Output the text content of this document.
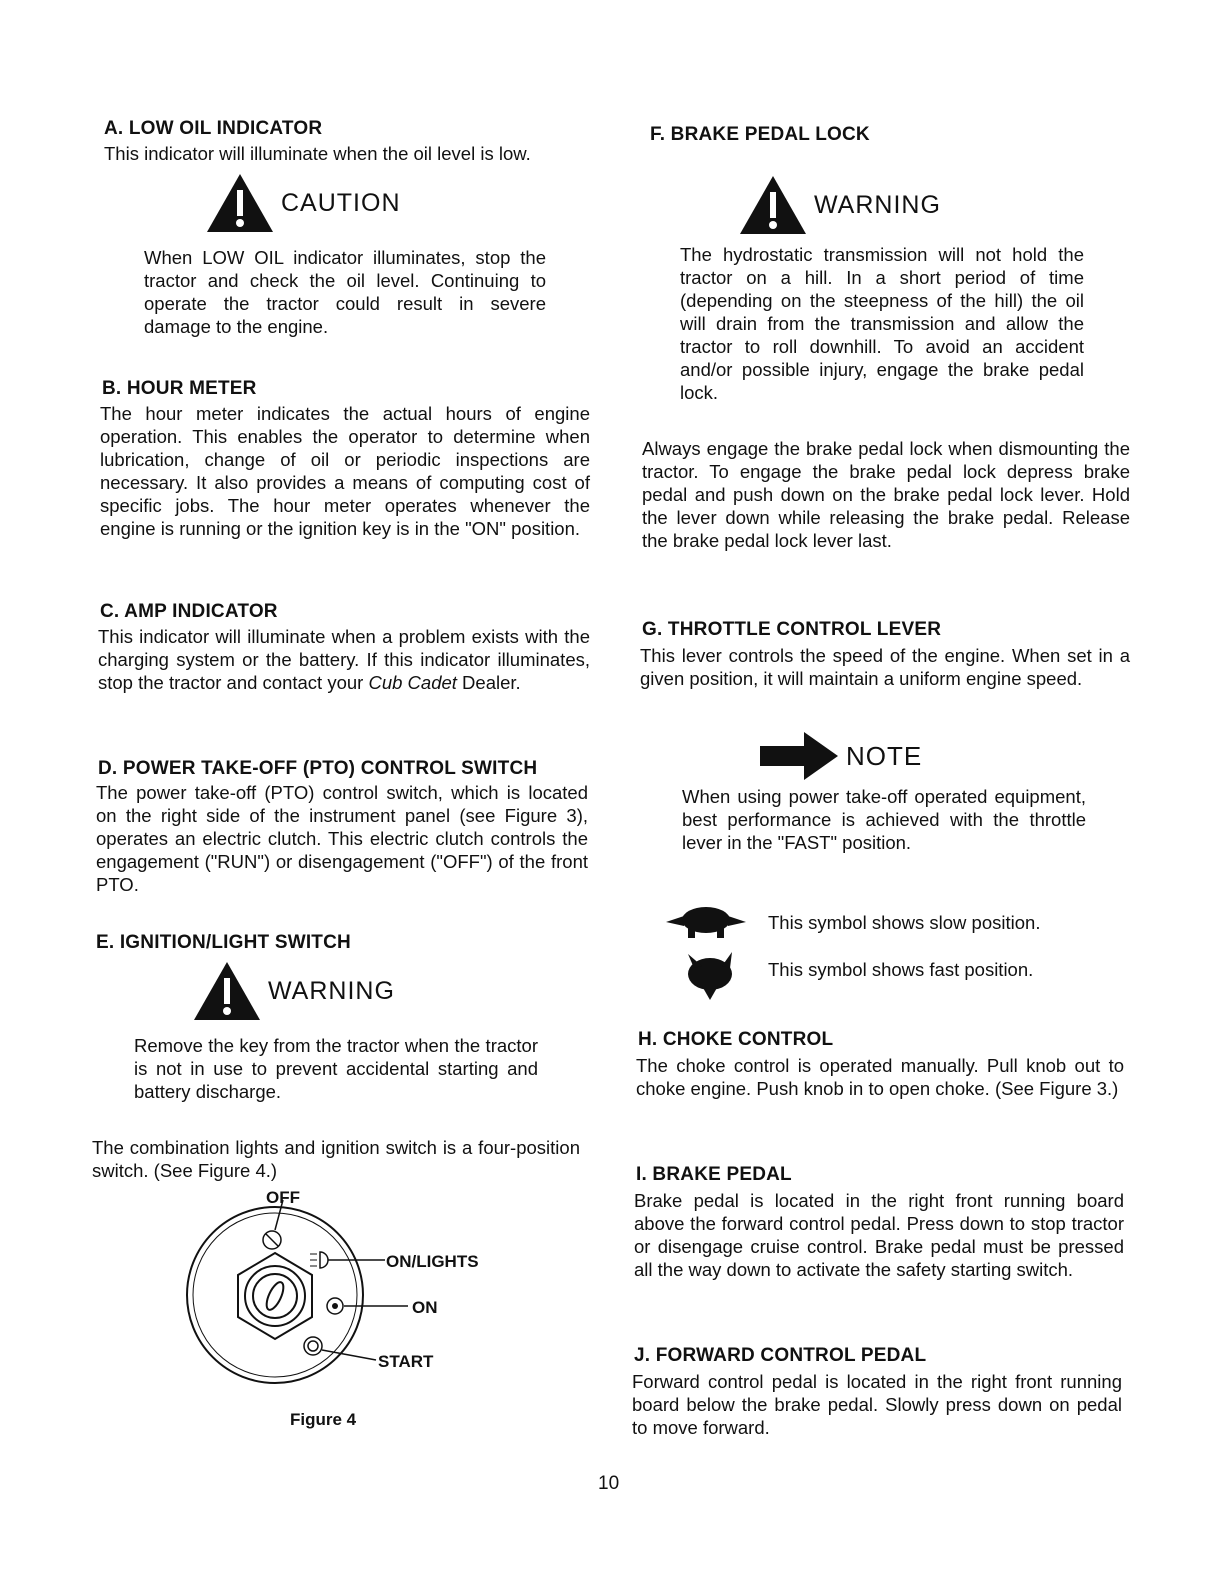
A. LOW OIL INDICATOR
This indicator will illuminate when the oil level is low.
CAUTION
When LOW OIL indicator illuminates, stop the tractor and check the oil level. Continuing to operate the tractor could result in severe damage to the engine.
B. HOUR METER
The hour meter indicates the actual hours of engine operation. This enables the operator to determine when lubrication, change of oil or periodic inspections are necessary. It also provides a means of computing cost of specific jobs. The hour meter operates whenever the engine is running or the ignition key is in the "ON" position.
C. AMP INDICATOR
This indicator will illuminate when a problem exists with the charging system or the battery. If this indicator illuminates, stop the tractor and contact your Cub Cadet Dealer.
D. POWER TAKE-OFF (PTO) CONTROL SWITCH
The power take-off (PTO) control switch, which is located on the right side of the instrument panel (see Figure 3), operates an electric clutch. This electric clutch controls the engagement ("RUN") or disengagement ("OFF") of the front PTO.
E. IGNITION/LIGHT SWITCH
WARNING
Remove the key from the tractor when the tractor is not in use to prevent accidental starting and battery discharge.
The combination lights and ignition switch is a four-position switch. (See Figure 4.)
OFF
ON/LIGHTS
ON
START
Figure 4
F. BRAKE PEDAL LOCK
WARNING
The hydrostatic transmission will not hold the tractor on a hill. In a short period of time (depending on the steepness of the hill) the oil will drain from the transmission and allow the tractor to roll downhill. To avoid an accident and/or possible injury, engage the brake pedal lock.
Always engage the brake pedal lock when dismounting the tractor. To engage the brake pedal lock depress brake pedal and push down on the brake pedal lock lever. Hold the lever down while releasing the brake pedal. Release the brake pedal lock lever last.
G. THROTTLE CONTROL LEVER
This lever controls the speed of the engine. When set in a given position, it will maintain a uniform engine speed.
NOTE
When using power take-off operated equipment, best performance is achieved with the throttle lever in the "FAST" position.
This symbol shows slow position.
This symbol shows fast position.
H. CHOKE CONTROL
The choke control is operated manually. Pull knob out to choke engine. Push knob in to open choke. (See Figure 3.)
I. BRAKE PEDAL
Brake pedal is located in the right front running board above the forward control pedal. Press down to stop tractor or disengage cruise control. Brake pedal must be pressed all the way down to activate the safety starting switch.
J. FORWARD CONTROL PEDAL
Forward control pedal is located in the right front running board below the brake pedal. Slowly press down on pedal to move forward.
10
